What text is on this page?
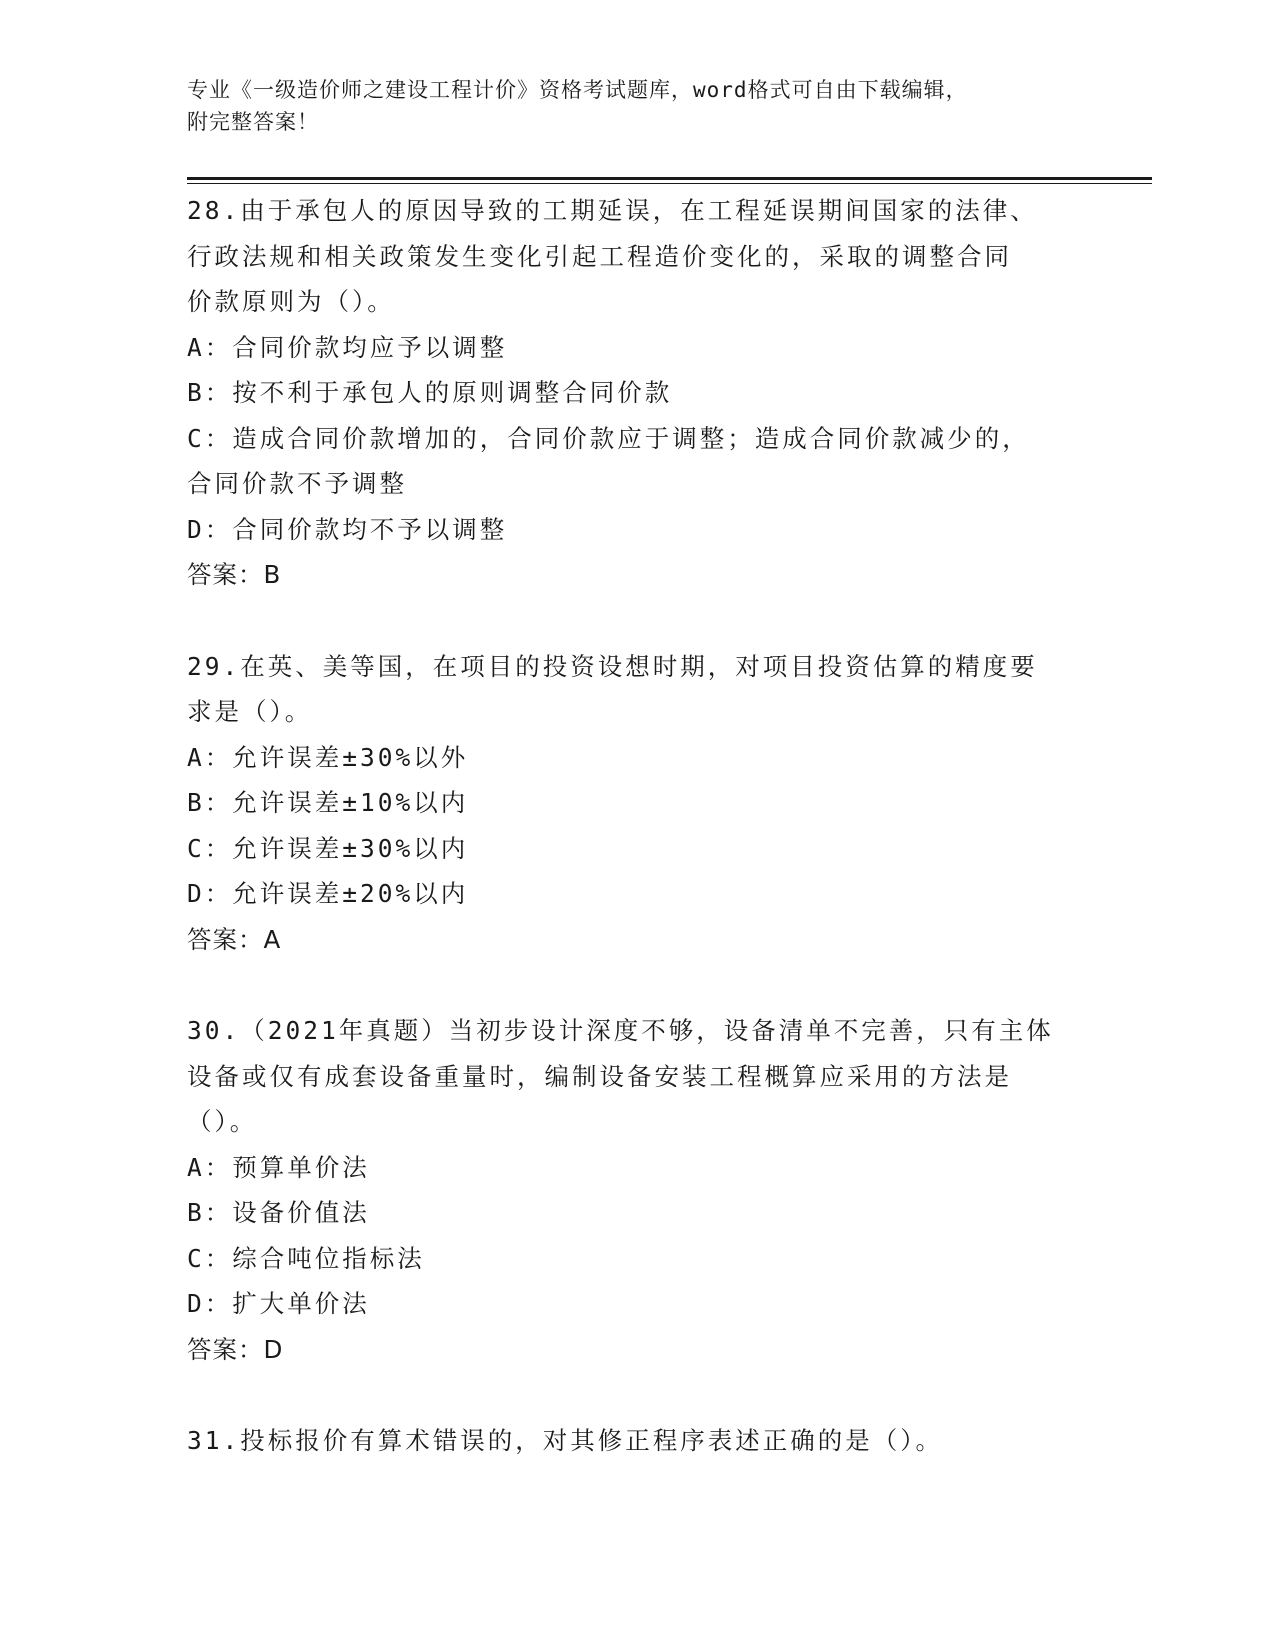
专业《一级造价师之建设工程计价》资格考试题库，word格式可自由下载编辑，
附完整答案！
28.由于承包人的原因导致的工期延误，在工程延误期间国家的法律、
行政法规和相关政策发生变化引起工程造价变化的，采取的调整合同
价款原则为（）。
A：合同价款均应予以调整
B：按不利于承包人的原则调整合同价款
C：造成合同价款增加的，合同价款应于调整；造成合同价款减少的，
合同价款不予调整
D：合同价款均不予以调整
答案：B
29.在英、美等国，在项目的投资设想时期，对项目投资估算的精度要
求是（）。
A：允许误差±30%以外
B：允许误差±10%以内
C：允许误差±30%以内
D：允许误差±20%以内
答案：A
30.（2021年真题）当初步设计深度不够，设备清单不完善，只有主体
设备或仅有成套设备重量时，编制设备安装工程概算应采用的方法是
（）。
A：预算单价法
B：设备价值法
C：综合吨位指标法
D：扩大单价法
答案：D
31.投标报价有算术错误的，对其修正程序表述正确的是（）。
